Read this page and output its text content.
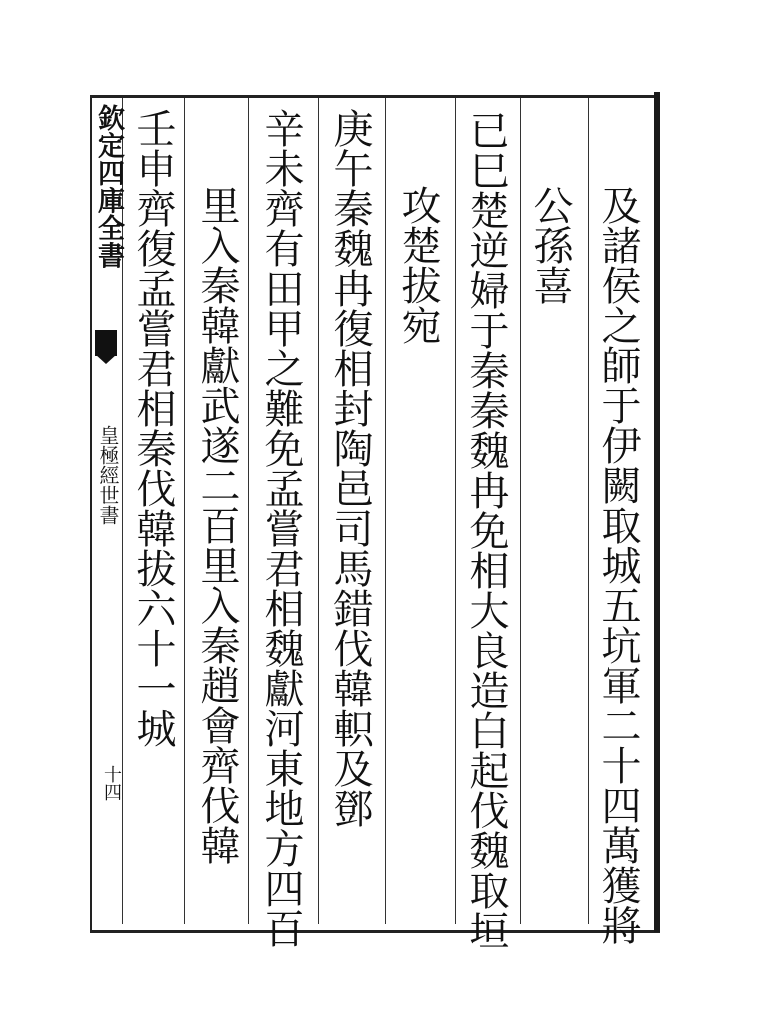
欽定四庫全書
皇極經世書
十四	及諸侯之師于伊闕取城五坑軍二十四萬獲將
公孫喜
已巳楚逆婦于秦秦魏冉免相大良造白起伐魏取垣
攻楚拔宛
庚午秦魏冉復相封陶邑司馬錯伐韓軹及鄧
辛未齊有田甲之難免孟嘗君相魏獻河東地方四百
里入秦韓獻武遂二百里入秦趙會齊伐韓
壬申齊復孟嘗君相秦伐韓拔六十一城
